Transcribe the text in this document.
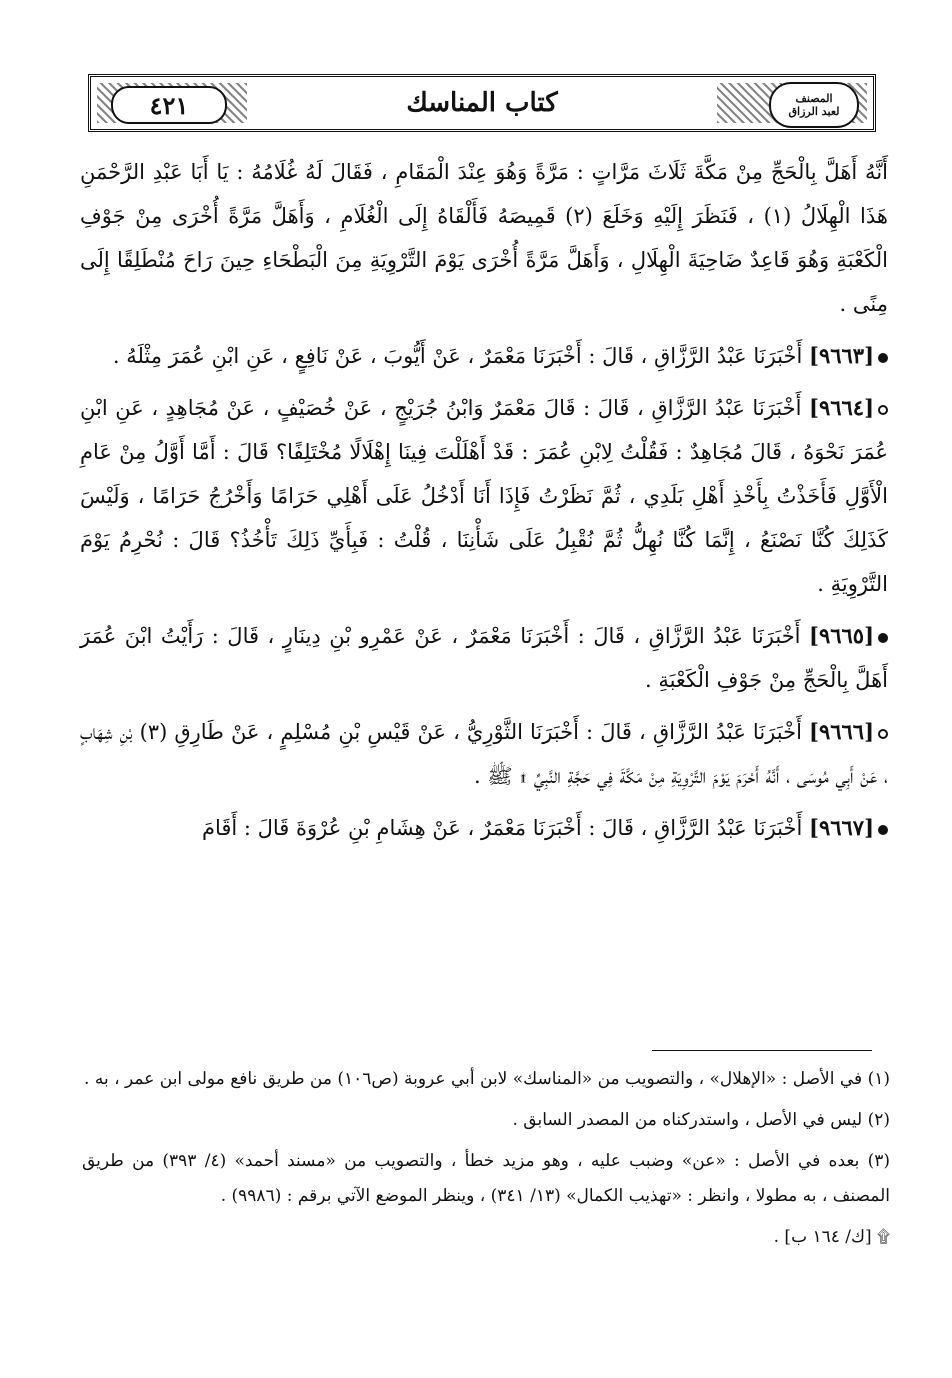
٤٢١	كتاب المناسك	المصنف
لعبد الرزاق

أَنَّهُ أَهَلَّ بِالْحَجِّ مِنْ مَكَّةَ ثَلَاثَ مَرَّاتٍ : مَرَّةً وَهُوَ عِنْدَ الْمَقَامِ ، فَقَالَ لَهُ غُلَامُهُ : يَا أَبَا عَبْدِ الرَّحْمَنِ هَذَا الْهِلَالُ (١) ، فَنَظَرَ إِلَيْهِ وَخَلَعَ (٢) قَمِيصَهُ فَأَلْقَاهُ إِلَى الْغُلَامِ ، وَأَهَلَّ مَرَّةً أُخْرَى مِنْ جَوْفِ الْكَعْبَةِ وَهُوَ قَاعِدٌ ضَاحِيَةَ الْهِلَالِ ، وَأَهَلَّ مَرَّةً أُخْرَى يَوْمَ التَّرْوِيَةِ مِنَ الْبَطْحَاءِ حِينَ رَاحَ مُنْطَلِقًا إِلَى مِنًى .

[٩٦٦٣] أَخْبَرَنَا عَبْدُ الرَّزَّاقِ ، قَالَ : أَخْبَرَنَا مَعْمَرٌ ، عَنْ أَيُّوبَ ، عَنْ نَافِعٍ ، عَنِ ابْنِ عُمَرَ مِثْلَهُ .

[٩٦٦٤] أَخْبَرَنَا عَبْدُ الرَّزَّاقِ ، قَالَ : قَالَ مَعْمَرٌ وَابْنُ جُرَيْجٍ ، عَنْ خُصَيْفٍ ، عَنْ مُجَاهِدٍ ، عَنِ ابْنِ عُمَرَ نَحْوَهُ ، قَالَ مُجَاهِدٌ : فَقُلْتُ لِابْنِ عُمَرَ : قَدْ أَهْلَلْتَ فِينَا إِهْلَالًا مُخْتَلِفًا؟ قَالَ : أَمَّا أَوَّلُ مِنْ عَامِ الْأَوَّلِ فَأَخَذْتُ بِأَخْذِ أَهْلِ بَلَدِي ، ثُمَّ نَظَرْتُ فَإِذَا أَنَا أَدْخُلُ عَلَى أَهْلِي حَرَامًا وَأَخْرُجُ حَرَامًا ، وَلَيْسَ كَذَلِكَ كُنَّا نَصْنَعُ ، إِنَّمَا كُنَّا نُهِلُّ ثُمَّ نُقْبِلُ عَلَى شَأْنِنَا ، قُلْتُ : فَبِأَيِّ ذَلِكَ تَأْخُذُ؟ قَالَ : نُحْرِمُ يَوْمَ التَّرْوِيَةِ .

[٩٦٦٥] أَخْبَرَنَا عَبْدُ الرَّزَّاقِ ، قَالَ : أَخْبَرَنَا مَعْمَرٌ ، عَنْ عَمْرِو بْنِ دِينَارٍ ، قَالَ : رَأَيْتُ ابْنَ عُمَرَ أَهَلَّ بِالْحَجِّ مِنْ جَوْفِ الْكَعْبَةِ .

[٩٦٦٦] أَخْبَرَنَا عَبْدُ الرَّزَّاقِ ، قَالَ : أَخْبَرَنَا الثَّوْرِيُّ ، عَنْ قَيْسِ بْنِ مُسْلِمٍ ، عَنْ طَارِقِ (٣) بْنِ شِهَابٍ ، عَنْ أَبِي مُوسَى ، أَنَّهُ أَحْرَمَ يَوْمَ التَّرْوِيَةِ مِنْ مَكَّةَ فِي حَجَّةِ النَّبِيِّ ۩ ﷺ .

[٩٦٦٧] أَخْبَرَنَا عَبْدُ الرَّزَّاقِ ، قَالَ : أَخْبَرَنَا مَعْمَرٌ ، عَنْ هِشَامِ بْنِ عُرْوَةَ قَالَ : أَقَامَ

(١) في الأصل : «الإهلال» ، والتصويب من «المناسك» لابن أبي عروبة (ص١٠٦) من طريق نافع مولى ابن عمر ، به .

(٢) ليس في الأصل ، واستدركناه من المصدر السابق .

(٣) بعده في الأصل : «عن» وضبب عليه ، وهو مزيد خطأ ، والتصويب من «مسند أحمد» (٤/ ٣٩٣) من طريق المصنف ، به مطولا ، وانظر : «تهذيب الكمال» (١٣/ ٣٤١) ، وينظر الموضع الآتي برقم : (٩٩٨٦) .

۩ [ك/ ١٦٤ ب] .
